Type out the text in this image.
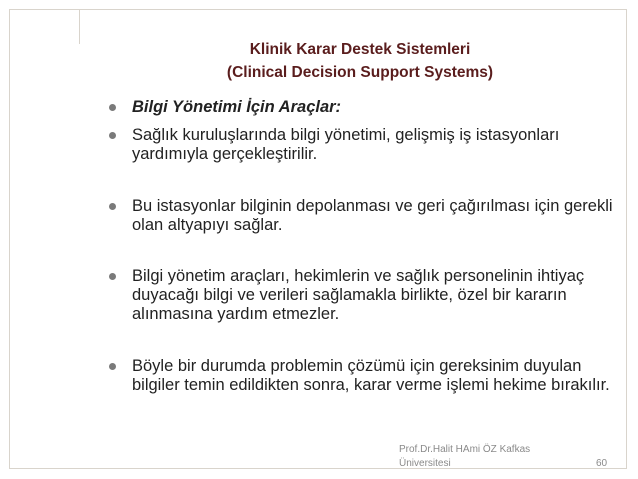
Klinik Karar Destek Sistemleri
(Clinical Decision Support Systems)
Bilgi Yönetimi İçin Araçlar:
Sağlık kuruluşlarında bilgi yönetimi, gelişmiş iş istasyonları yardımıyla gerçekleştirilir.
Bu istasyonlar bilginin depolanması ve geri çağırılması için gerekli olan altyapıyı sağlar.
Bilgi yönetim araçları, hekimlerin ve sağlık personelinin ihtiyaç duyacağı bilgi ve verileri sağlamakla birlikte, özel bir kararın alınmasına yardım etmezler.
Böyle bir durumda problemin çözümü için gereksinim duyulan bilgiler temin edildikten sonra, karar verme işlemi hekime bırakılır.
Prof.Dr.Halit HAmi ÖZ Kafkas Üniversitesi	60
